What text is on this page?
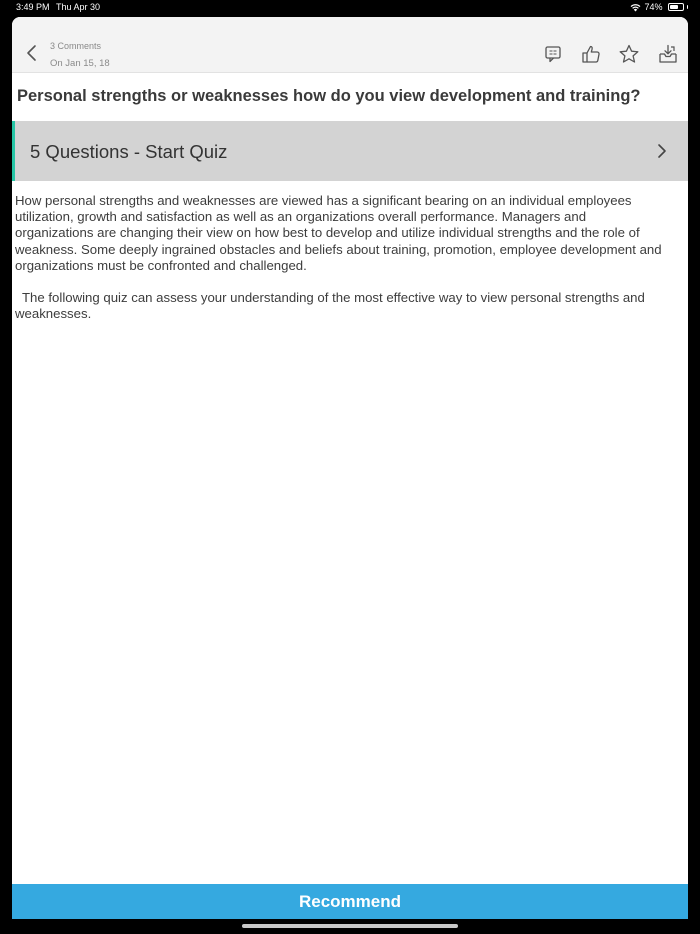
3:49 PM Thu Apr 30	74%
3 Comments
On Jan 15, 18
Personal strengths or weaknesses how do you view development and training?
5 Questions - Start Quiz

How personal strengths and weaknesses are viewed has a significant bearing on an individual employees utilization, growth and satisfaction as well as an organizations overall performance. Managers and organizations are changing their view on how best to develop and utilize individual strengths and the role of weakness. Some deeply ingrained obstacles and beliefs about training, promotion, employee development and organizations must be confronted and challenged.

The following quiz can assess your understanding of the most effective way to view personal strengths and weaknesses.

Recommend
